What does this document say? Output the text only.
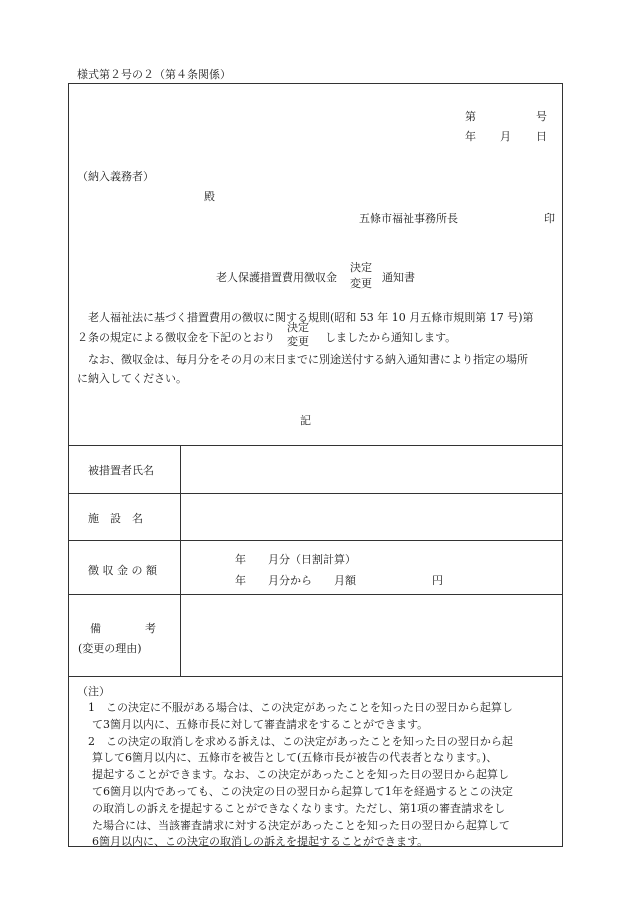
様式第２号の２（第４条関係）
第	号
年 月 日
（納入義務者）
殿
五條市福祉事務所長	印
老人保護措置費用徴収金
決定
変更 通知書
老人福祉法に基づく措置費用の徴収に関する規則(昭和 53 年 10 月五條市規則第 17 号)第
２条の規定による徴収金を下記のとおり
決定
変更 しましたから通知します。
なお、徴収金は、毎月分をその月の末日までに別途送付する納入通知書により指定の場所
に納入してください。
記
被措置者氏名
施　設　名
徴 収 金 の 額
年　　月分（日割計算）
年　　月分から　　月額	円
備　　　　考
(変更の理由)
（注）
1　この決定に不服がある場合は、この決定があったことを知った日の翌日から起算し
て3箇月以内に、五條市長に対して審査請求をすることができます。
2　この決定の取消しを求める訴えは、この決定があったことを知った日の翌日から起
算して6箇月以内に、五條市を被告として(五條市長が被告の代表者となります。)、
提起することができます。なお、この決定があったことを知った日の翌日から起算し
て6箇月以内であっても、この決定の日の翌日から起算して1年を経過するとこの決定
の取消しの訴えを提起することができなくなります。ただし、第1項の審査請求をし
た場合には、当該審査請求に対する決定があったことを知った日の翌日から起算して
6箇月以内に、この決定の取消しの訴えを提起することができます。
